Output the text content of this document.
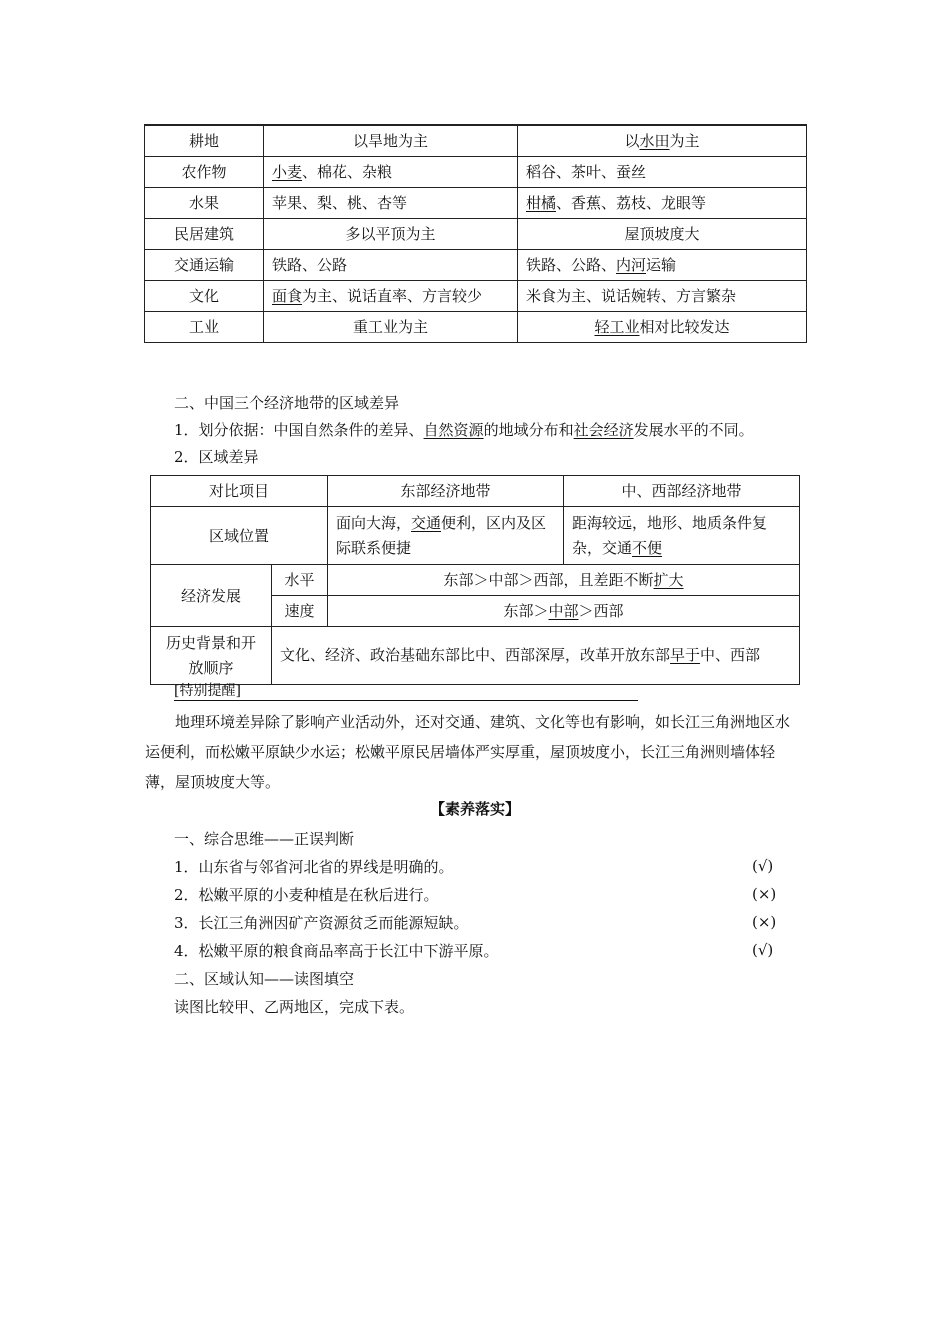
耕地	以旱地为主	以水田为主
农作物	小麦、棉花、杂粮	稻谷、茶叶、蚕丝
水果	苹果、梨、桃、杏等	柑橘、香蕉、荔枝、龙眼等
民居建筑	多以平顶为主	屋顶坡度大
交通运输	铁路、公路	铁路、公路、内河运输
文化	面食为主、说话直率、方言较少	米食为主、说话婉转、方言繁杂
工业	重工业为主	轻工业相对比较发达
二、中国三个经济地带的区域差异
1．划分依据：中国自然条件的差异、自然资源的地域分布和社会经济发展水平的不同。
2．区域差异
对比项目		东部经济地带	中、西部经济地带
区域位置		面向大海，交通便利，区内及区际联系便捷	距海较远，地形、地质条件复杂，交通不便
经济发展	水平	东部＞中部＞西部，且差距不断扩大	
	速度	东部＞中部＞西部	
历史背景和开放顺序	文化、经济、政治基础东部比中、西部深厚，改革开放东部早于中、西部		
[特别提醒]
地理环境差异除了影响产业活动外，还对交通、建筑、文化等也有影响，如长江三角洲地区水运便利，而松嫩平原缺少水运；松嫩平原民居墙体严实厚重，屋顶坡度小，长江三角洲则墙体轻薄，屋顶坡度大等。
【素养落实】
一、综合思维——正误判断
1．山东省与邻省河北省的界线是明确的。	(√)
2．松嫩平原的小麦种植是在秋后进行。	(×)
3．长江三角洲因矿产资源贫乏而能源短缺。	(×)
4．松嫩平原的粮食商品率高于长江中下游平原。	(√)
二、区域认知——读图填空
读图比较甲、乙两地区，完成下表。
